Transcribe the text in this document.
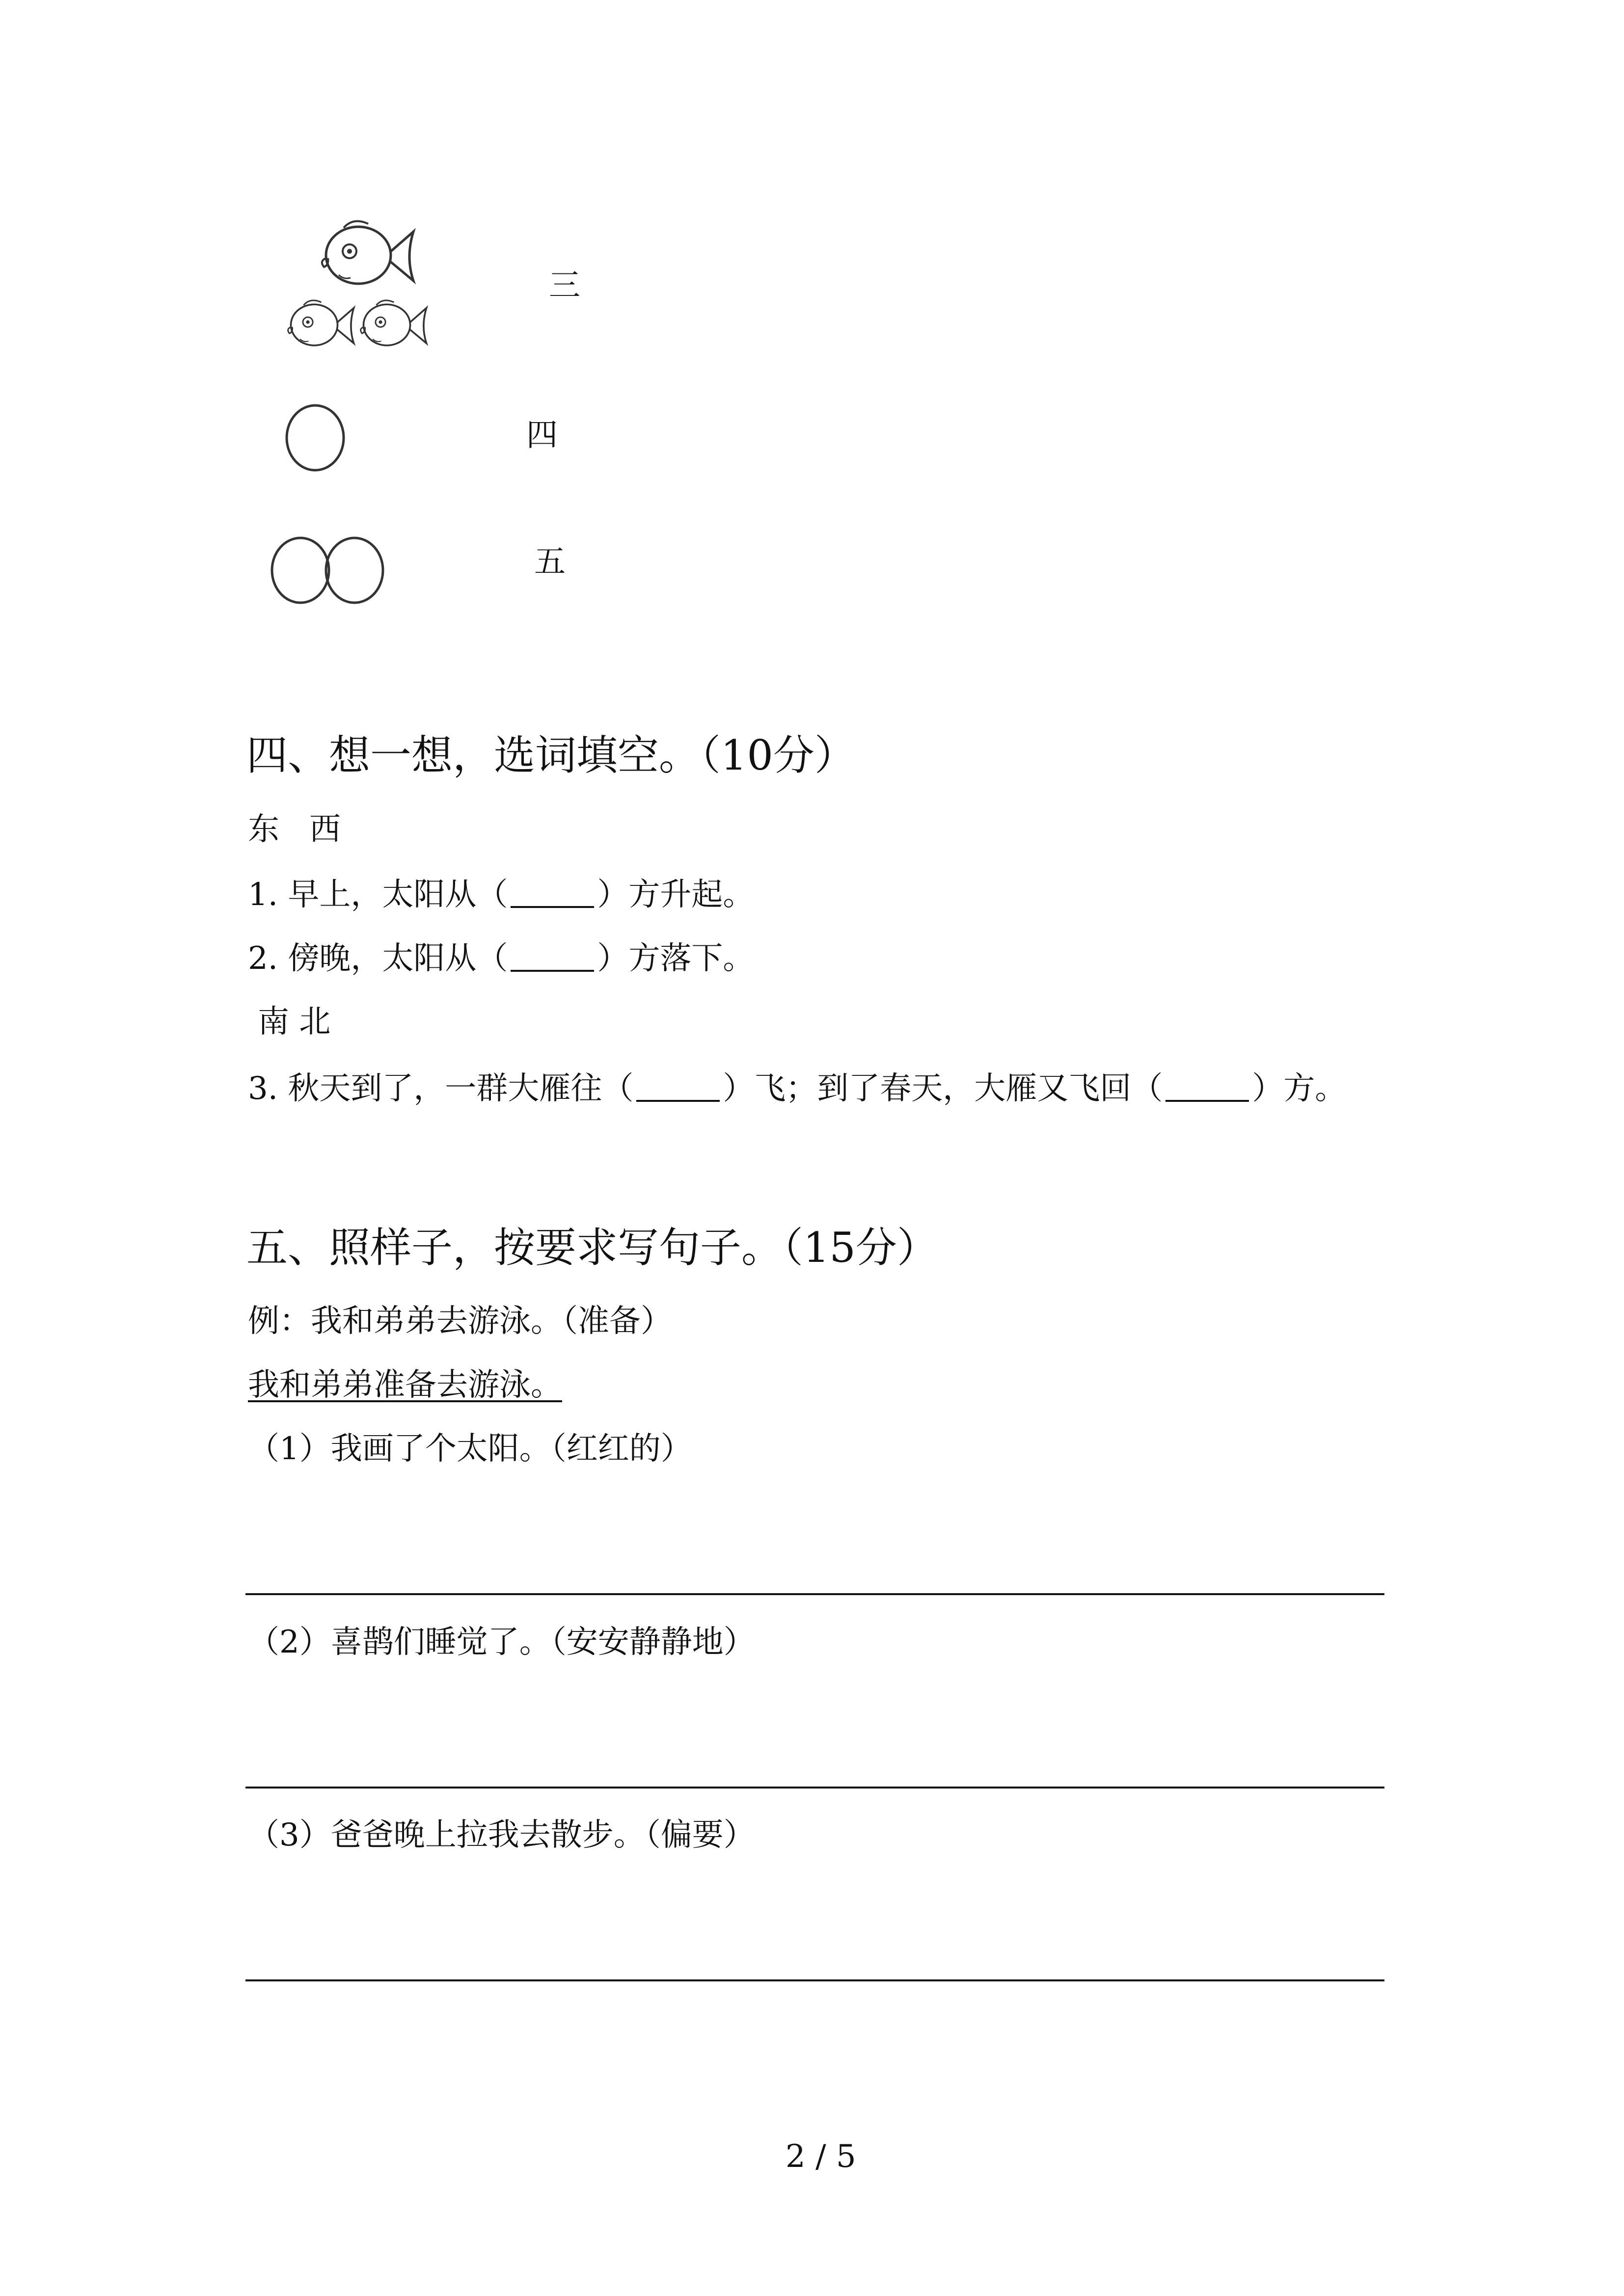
三
四
五
四、想一想，选词填空。（10分）
东   西
1. 早上，太阳从（	）方升起。
2. 傍晚，太阳从（	）方落下。
南 北
3. 秋天到了，一群大雁往（	）飞；到了春天，大雁又飞回（	）方。
五、照样子，按要求写句子。（15分）
例：我和弟弟去游泳。（准备）
我和弟弟准备去游泳。
（1）我画了个太阳。（红红的）
（2）喜鹊们睡觉了。（安安静静地）
（3）爸爸晚上拉我去散步。（偏要）
2 / 5
